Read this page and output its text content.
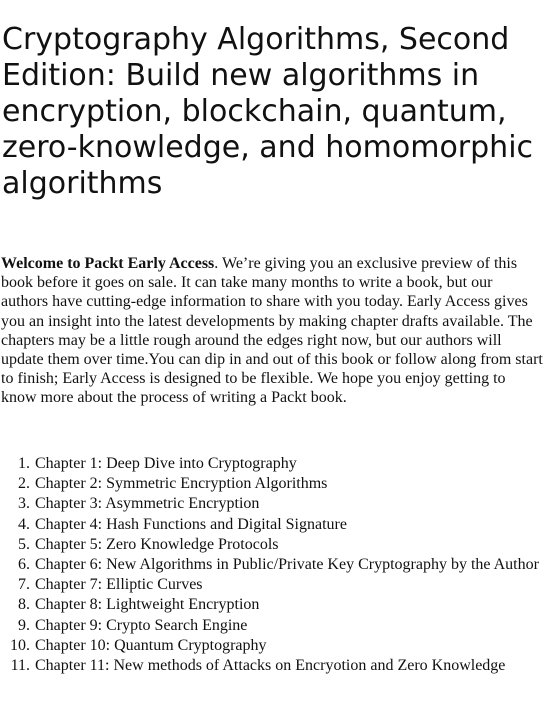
Cryptography Algorithms, Second Edition: Build new algorithms in encryption, blockchain, quantum, zero-knowledge, and homomorphic algorithms

Welcome to Packt Early Access. We’re giving you an exclusive preview of this book before it goes on sale. It can take many months to write a book, but our authors have cutting-edge information to share with you today. Early Access gives you an insight into the latest developments by making chapter drafts available. The chapters may be a little rough around the edges right now, but our authors will update them over time.You can dip in and out of this book or follow along from start to finish; Early Access is designed to be flexible. We hope you enjoy getting to know more about the process of writing a Packt book.

1. Chapter 1: Deep Dive into Cryptography
2. Chapter 2: Symmetric Encryption Algorithms
3. Chapter 3: Asymmetric Encryption
4. Chapter 4: Hash Functions and Digital Signature
5. Chapter 5: Zero Knowledge Protocols
6. Chapter 6: New Algorithms in Public/Private Key Cryptography by the Author
7. Chapter 7: Elliptic Curves
8. Chapter 8: Lightweight Encryption
9. Chapter 9: Crypto Search Engine
10. Chapter 10: Quantum Cryptography
11. Chapter 11: New methods of Attacks on Encryotion and Zero Knowledge
